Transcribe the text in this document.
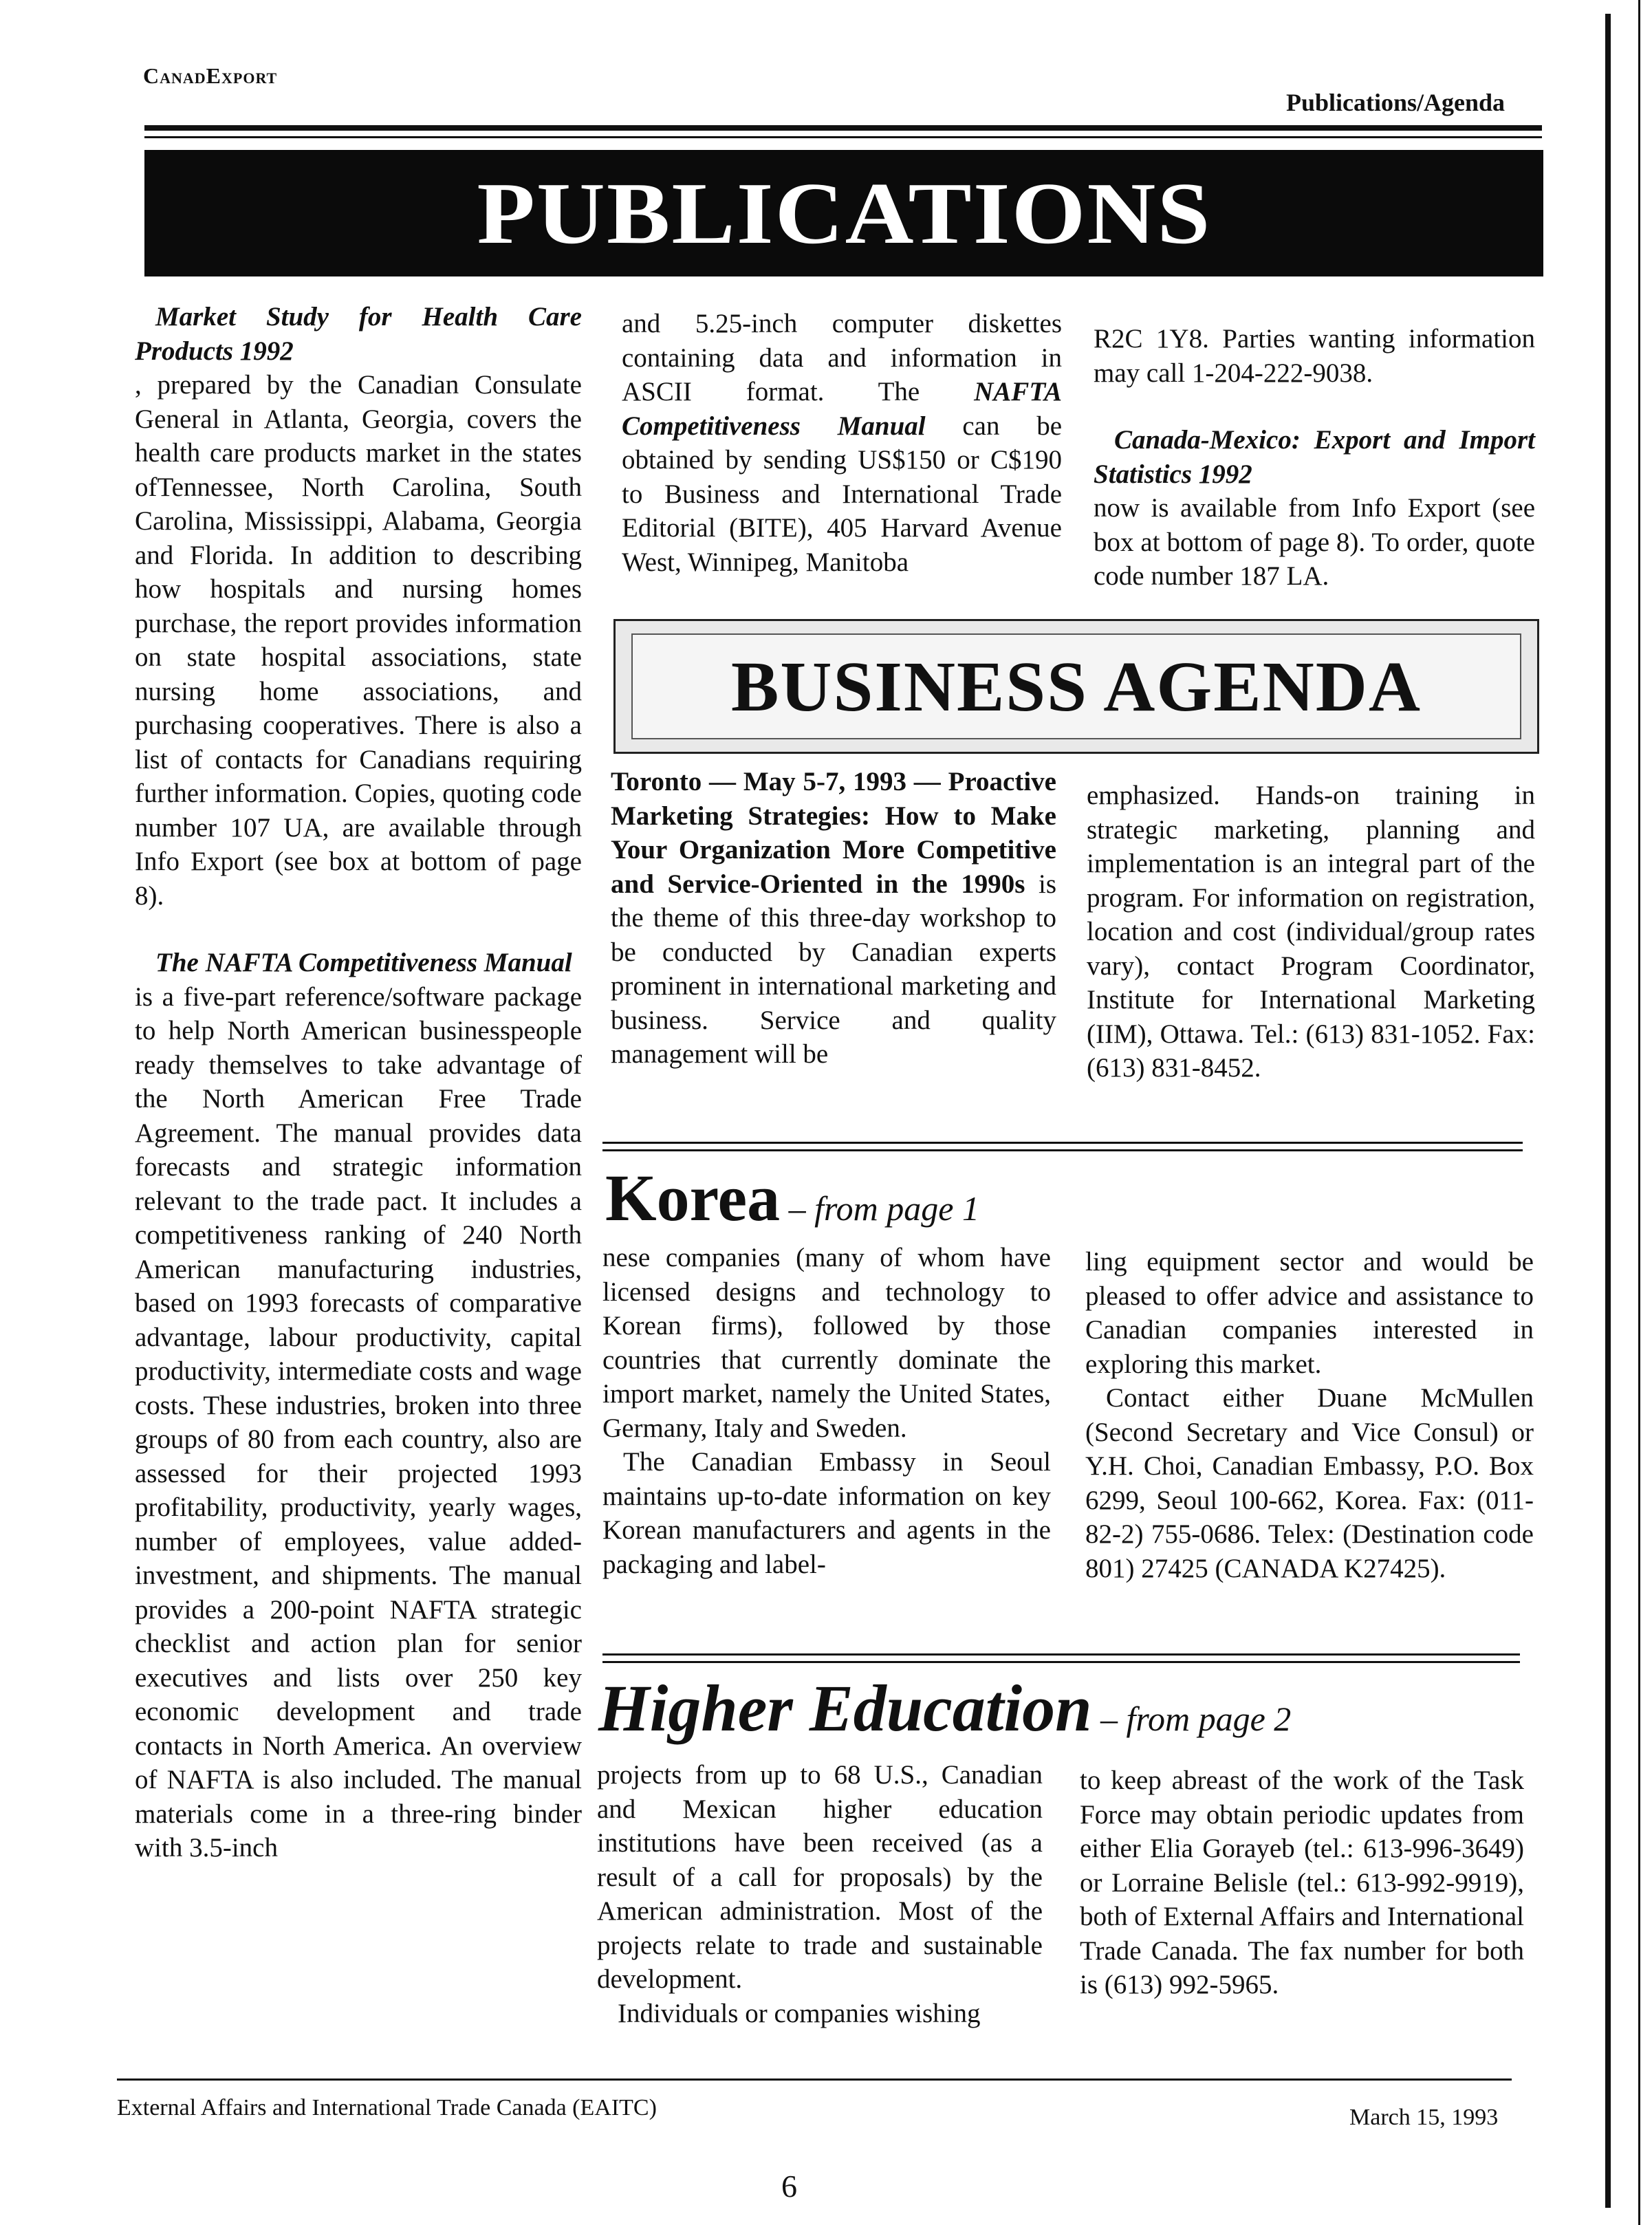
CanadExport
Publications/Agenda
PUBLICATIONS

Market Study for Health Care Products 1992, prepared by the Canadian Consulate General in Atlanta, Georgia, covers the health care products market in the states ofTennessee, North Carolina, South Carolina, Mississippi, Alabama, Georgia and Florida. In addition to describing how hospitals and nursing homes purchase, the report provides information on state hospital associations, state nursing home associations, and purchasing cooperatives. There is also a list of contacts for Canadians requiring further information. Copies, quoting code number 107 UA, are available through Info Export (see box at bottom of page 8).

The NAFTA Competitiveness Manual is a five-part reference/software package to help North American businesspeople ready themselves to take advantage of the North American Free Trade Agreement. The manual provides data forecasts and strategic information relevant to the trade pact. It includes a competitiveness ranking of 240 North American manufacturing industries, based on 1993 forecasts of comparative advantage, labour productivity, capital productivity, intermediate costs and wage costs. These industries, broken into three groups of 80 from each country, also are assessed for their projected 1993 profitability, productivity, yearly wages, number of employees, value added-investment, and shipments. The manual provides a 200-point NAFTA strategic checklist and action plan for senior executives and lists over 250 key economic development and trade contacts in North America. An overview of NAFTA is also included. The manual materials come in a three-ring binder with 3.5-inch

and 5.25-inch computer diskettes containing data and information in ASCII format. The NAFTA Competitiveness Manual can be obtained by sending US$150 or C$190 to Business and International Trade Editorial (BITE), 405 Harvard Avenue West, Winnipeg, Manitoba

R2C 1Y8. Parties wanting information may call 1-204-222-9038.

Canada-Mexico: Export and Import Statistics 1992 now is available from Info Export (see box at bottom of page 8). To order, quote code number 187 LA.

BUSINESS AGENDA

Toronto — May 5-7, 1993 — Proactive Marketing Strategies: How to Make Your Organization More Competitive and Service-Oriented in the 1990s is the theme of this three-day workshop to be conducted by Canadian experts prominent in international marketing and business. Service and quality management will be

emphasized. Hands-on training in strategic marketing, planning and implementation is an integral part of the program. For information on registration, location and cost (individual/group rates vary), contact Program Coordinator, Institute for International Marketing (IIM), Ottawa. Tel.: (613) 831-1052. Fax: (613) 831-8452.

Korea – from page 1

nese companies (many of whom have licensed designs and technology to Korean firms), followed by those countries that currently dominate the import market, namely the United States, Germany, Italy and Sweden.

The Canadian Embassy in Seoul maintains up-to-date information on key Korean manufacturers and agents in the packaging and label-

ling equipment sector and would be pleased to offer advice and assistance to Canadian companies interested in exploring this market.

Contact either Duane McMullen (Second Secretary and Vice Consul) or Y.H. Choi, Canadian Embassy, P.O. Box 6299, Seoul 100-662, Korea. Fax: (011-82-2) 755-0686. Telex: (Destination code 801) 27425 (CANADA K27425).

Higher Education – from page 2

projects from up to 68 U.S., Canadian and Mexican higher education institutions have been received (as a result of a call for proposals) by the American administration. Most of the projects relate to trade and sustainable development.

Individuals or companies wishing

to keep abreast of the work of the Task Force may obtain periodic updates from either Elia Gorayeb (tel.: 613-996-3649) or Lorraine Belisle (tel.: 613-992-9919), both of External Affairs and International Trade Canada. The fax number for both is (613) 992-5965.

External Affairs and International Trade Canada (EAITC)	March 15, 1993
6
